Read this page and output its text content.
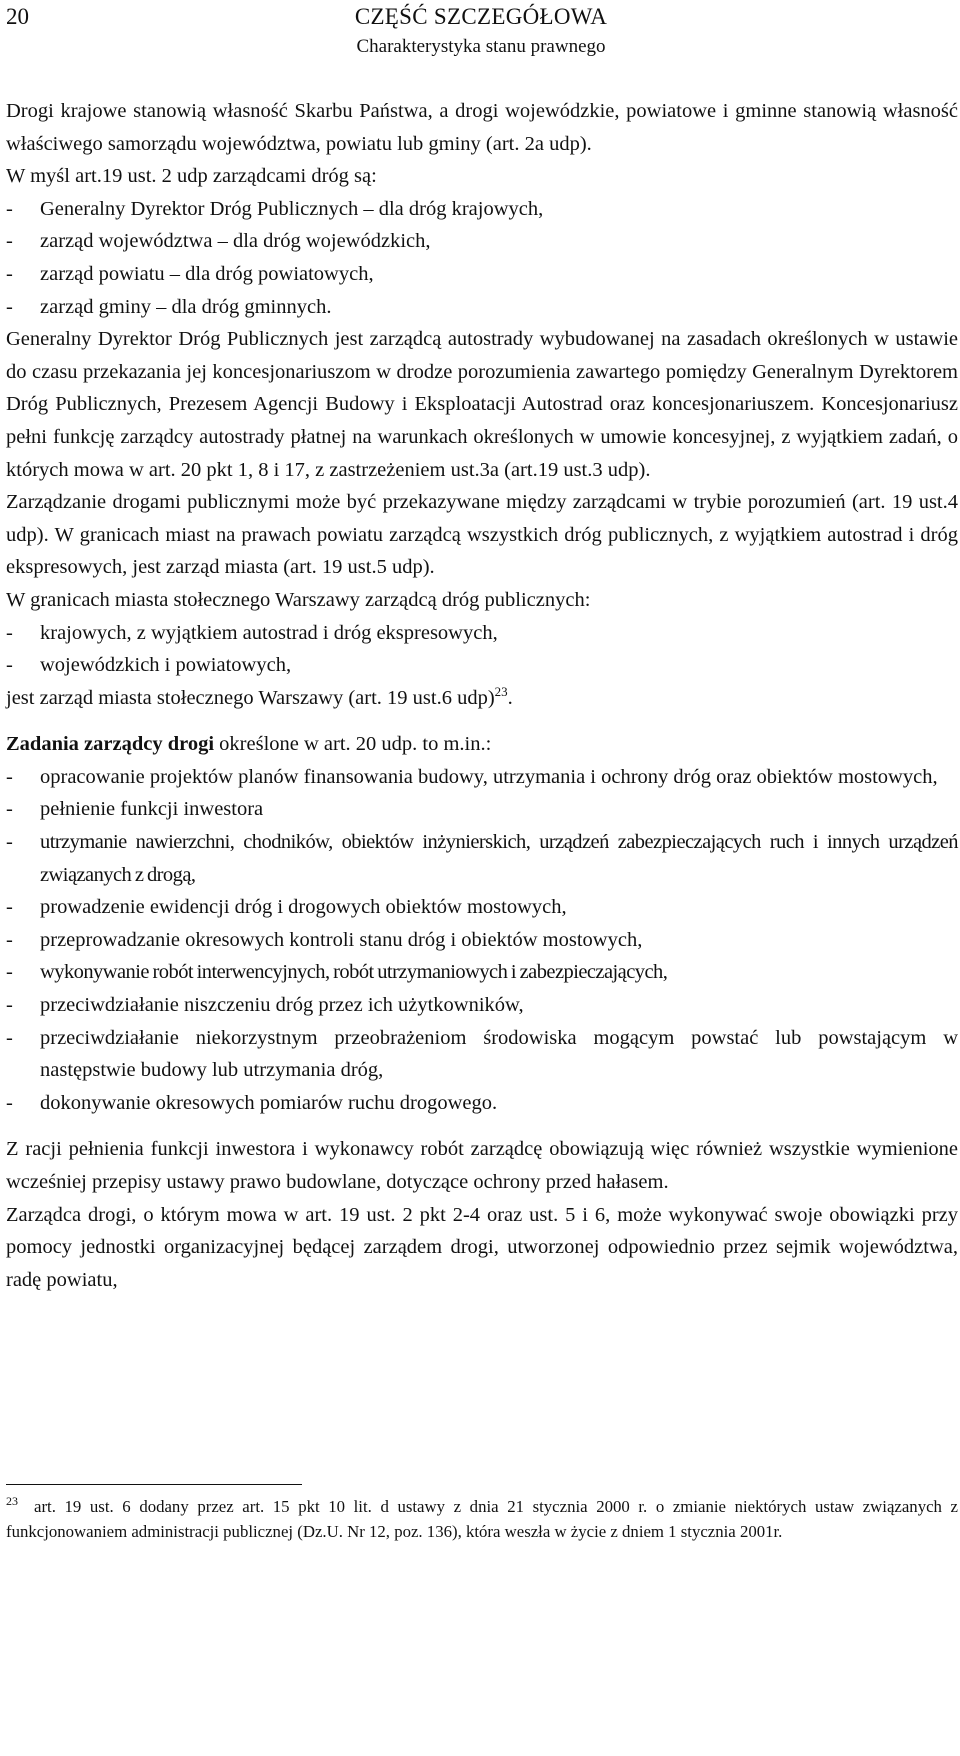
20	CZĘŚĆ SZCZEGÓŁOWA
Charakterystyka stanu prawnego

Drogi krajowe stanowią własność Skarbu Państwa, a drogi wojewódzkie, powiatowe i gminne stanowią własność właściwego samorządu województwa, powiatu lub gminy (art. 2a udp).

W myśl art.19 ust. 2 udp zarządcami dróg są:

- Generalny Dyrektor Dróg Publicznych – dla dróg krajowych,
- zarząd województwa – dla dróg wojewódzkich,
- zarząd powiatu – dla dróg powiatowych,
- zarząd gminy – dla dróg gminnych.

Generalny Dyrektor Dróg Publicznych jest zarządcą autostrady wybudowanej na zasadach określonych w ustawie do czasu przekazania jej koncesjonariuszom w drodze porozumienia zawartego pomiędzy Generalnym Dyrektorem Dróg Publicznych, Prezesem Agencji Budowy i Eksploatacji Autostrad oraz koncesjonariuszem. Koncesjonariusz pełni funkcję zarządcy autostrady płatnej na warunkach określonych w umowie koncesyjnej, z wyjątkiem zadań, o których mowa w art. 20 pkt 1, 8 i 17, z zastrzeżeniem ust.3a (art.19 ust.3 udp).

Zarządzanie drogami publicznymi może być przekazywane między zarządcami w trybie porozumień (art. 19 ust.4 udp). W granicach miast na prawach powiatu zarządcą wszystkich dróg publicznych, z wyjątkiem autostrad i dróg ekspresowych, jest zarząd miasta (art. 19 ust.5 udp).

W granicach miasta stołecznego Warszawy zarządcą dróg publicznych:

- krajowych, z wyjątkiem autostrad i dróg ekspresowych,
- wojewódzkich i powiatowych,

jest zarząd miasta stołecznego Warszawy (art. 19 ust.6 udp)$^{23}$.

Zadania zarządcy drogi określone w art. 20 udp. to m.in.:

- opracowanie projektów planów finansowania budowy, utrzymania i ochrony dróg oraz obiektów mostowych,
- pełnienie funkcji inwestora
- utrzymanie nawierzchni, chodników, obiektów inżynierskich, urządzeń zabezpieczających ruch i innych urządzeń związanych z drogą,
- prowadzenie ewidencji dróg i drogowych obiektów mostowych,
- przeprowadzanie okresowych kontroli stanu dróg i obiektów mostowych,
- wykonywanie robót interwencyjnych, robót utrzymaniowych i zabezpieczających,
- przeciwdziałanie niszczeniu dróg przez ich użytkowników,
- przeciwdziałanie niekorzystnym przeobrażeniom środowiska mogącym powstać lub powstającym w następstwie budowy lub utrzymania dróg,
- dokonywanie okresowych pomiarów ruchu drogowego.

Z racji pełnienia funkcji inwestora i wykonawcy robót zarządcę obowiązują więc również wszystkie wymienione wcześniej przepisy ustawy prawo budowlane, dotyczące ochrony przed hałasem.

Zarządca drogi, o którym mowa w art. 19 ust. 2 pkt 2-4 oraz ust. 5 i 6, może wykonywać swoje obowiązki przy pomocy jednostki organizacyjnej będącej zarządem drogi, utworzonej odpowiednio przez sejmik województwa, radę powiatu,

$^{23}$ art. 19 ust. 6 dodany przez art. 15 pkt 10 lit. d ustawy z dnia 21 stycznia 2000 r. o zmianie niektórych ustaw związanych z funkcjonowaniem administracji publicznej (Dz.U. Nr 12, poz. 136), która weszła w życie z dniem 1 stycznia 2001r.
